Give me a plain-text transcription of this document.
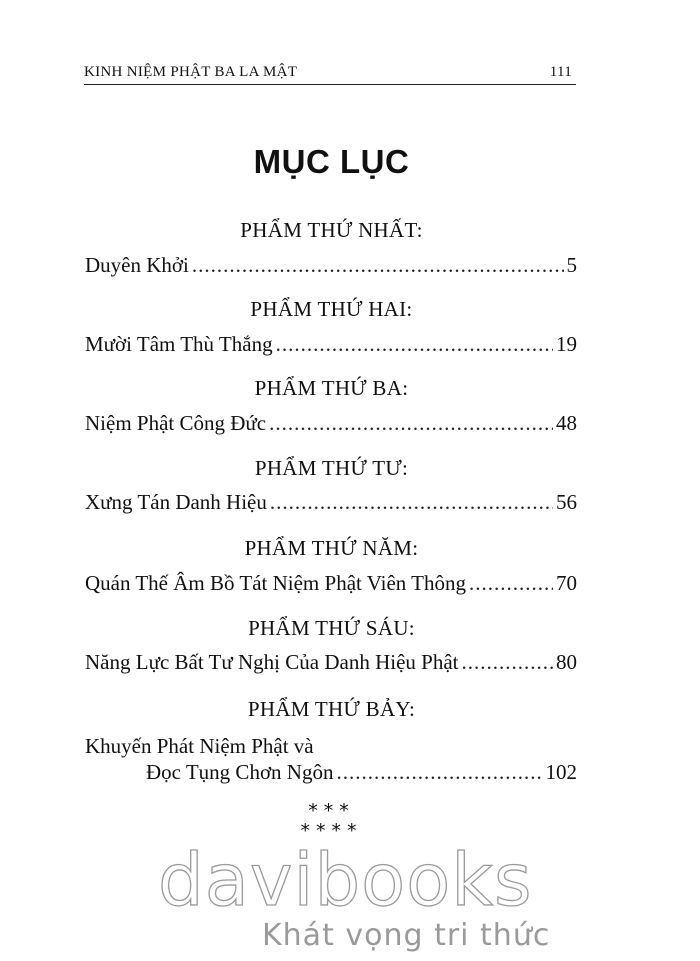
KINH NIỆM PHẬT BA LA MẬT	111
MỤC LỤC
PHẨM THỨ NHẤT:
Duyên Khởi .....	5
PHẨM THỨ HAI:
Mười Tâm Thù Thắng .....	19
PHẨM THỨ BA:
Niệm Phật Công Đức .....	48
PHẨM THỨ TƯ:
Xưng Tán Danh Hiệu .....	56
PHẨM THỨ NĂM:
Quán Thế Âm Bồ Tát Niệm Phật Viên Thông .....	70
PHẨM THỨ SÁU:
Năng Lực Bất Tư Nghị Của Danh Hiệu Phật .....	80
PHẨM THỨ BẢY:
Khuyến Phát Niệm Phật và
Đọc Tụng Chơn Ngôn .....	102
***
****
davibooks
Khát vọng tri thức
